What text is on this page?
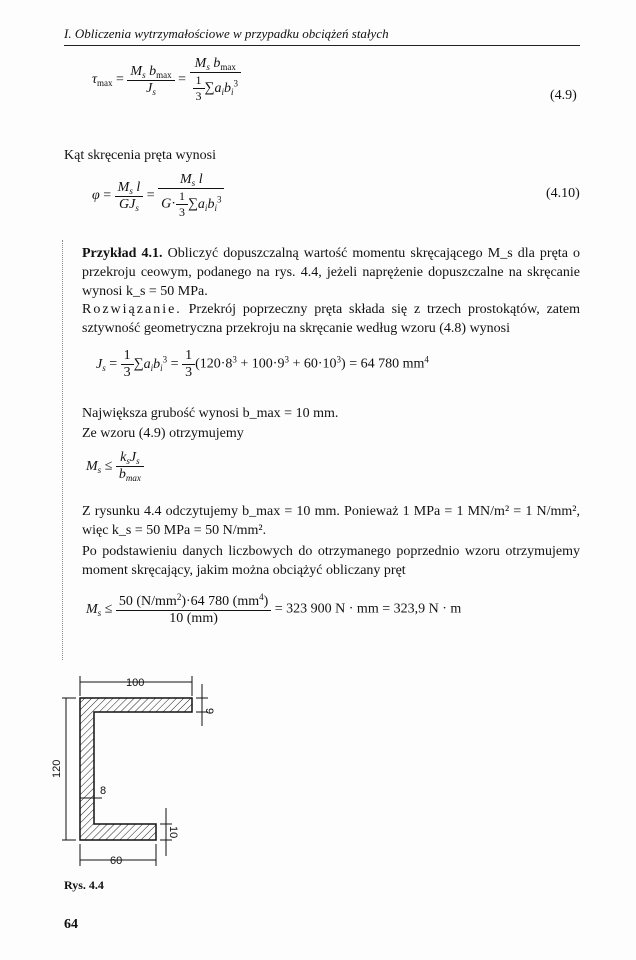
I. Obliczenia wytrzymałościowe w przypadku obciążeń stałych
$\tau_{max} = \frac{M_s b_{max}}{J_s} = \frac{M_s b_{max}}{\frac{1}{3} \sum a_ib_i^3}$	(4.9)
Kąt skręcenia pręta wynosi
$\varphi = \frac{M_s l}{GJ_s} = \frac{M_s l}{G\cdot \frac{1}{3} \sum a_ib_i^3}$	(4.10)
Przykład 4.1. Obliczyć dopuszczalną wartość momentu skręcającego M_s dla pręta o przekroju ceowym, podanego na rys. 4.4, jeżeli naprężenie dopuszczalne na skręcanie wynosi k_s = 50 MPa.
Rozwiązanie. Przekrój poprzeczny pręta składa się z trzech prostokątów, zatem sztywność geometryczna przekroju na skręcanie według wzoru (4.8) wynosi
$J_s = \frac{1}{3} \sum a_ib_i^3 = \frac{1}{3} (120\cdot 8^3 + 100\cdot 9^3 + 60\cdot 10^3) = 64$ 780 $mm^4$
Największa grubość wynosi b_max = 10 mm.
Ze wzoru (4.9) otrzymujemy
$M_s \le \frac{k_sJ_s}{b_{max}}$
Z rysunku 4.4 odczytujemy b_max = 10 mm. Ponieważ 1 MPa = 1 MN/m² = 1 N/mm², więc k_s = 50 MPa = 50 N/mm².
Po podstawieniu danych liczbowych do otrzymanego poprzednio wzoru otrzymujemy moment skręcający, jakim można obciążyć obliczany pręt
$M_s \le \frac{50 (N/mm^2)\cdot 64 780 (mm^4)}{10 (mm)} = 323$ 900 N · mm = 323,9 N · m
100
9
120
8
10
60
Rys. 4.4
64
